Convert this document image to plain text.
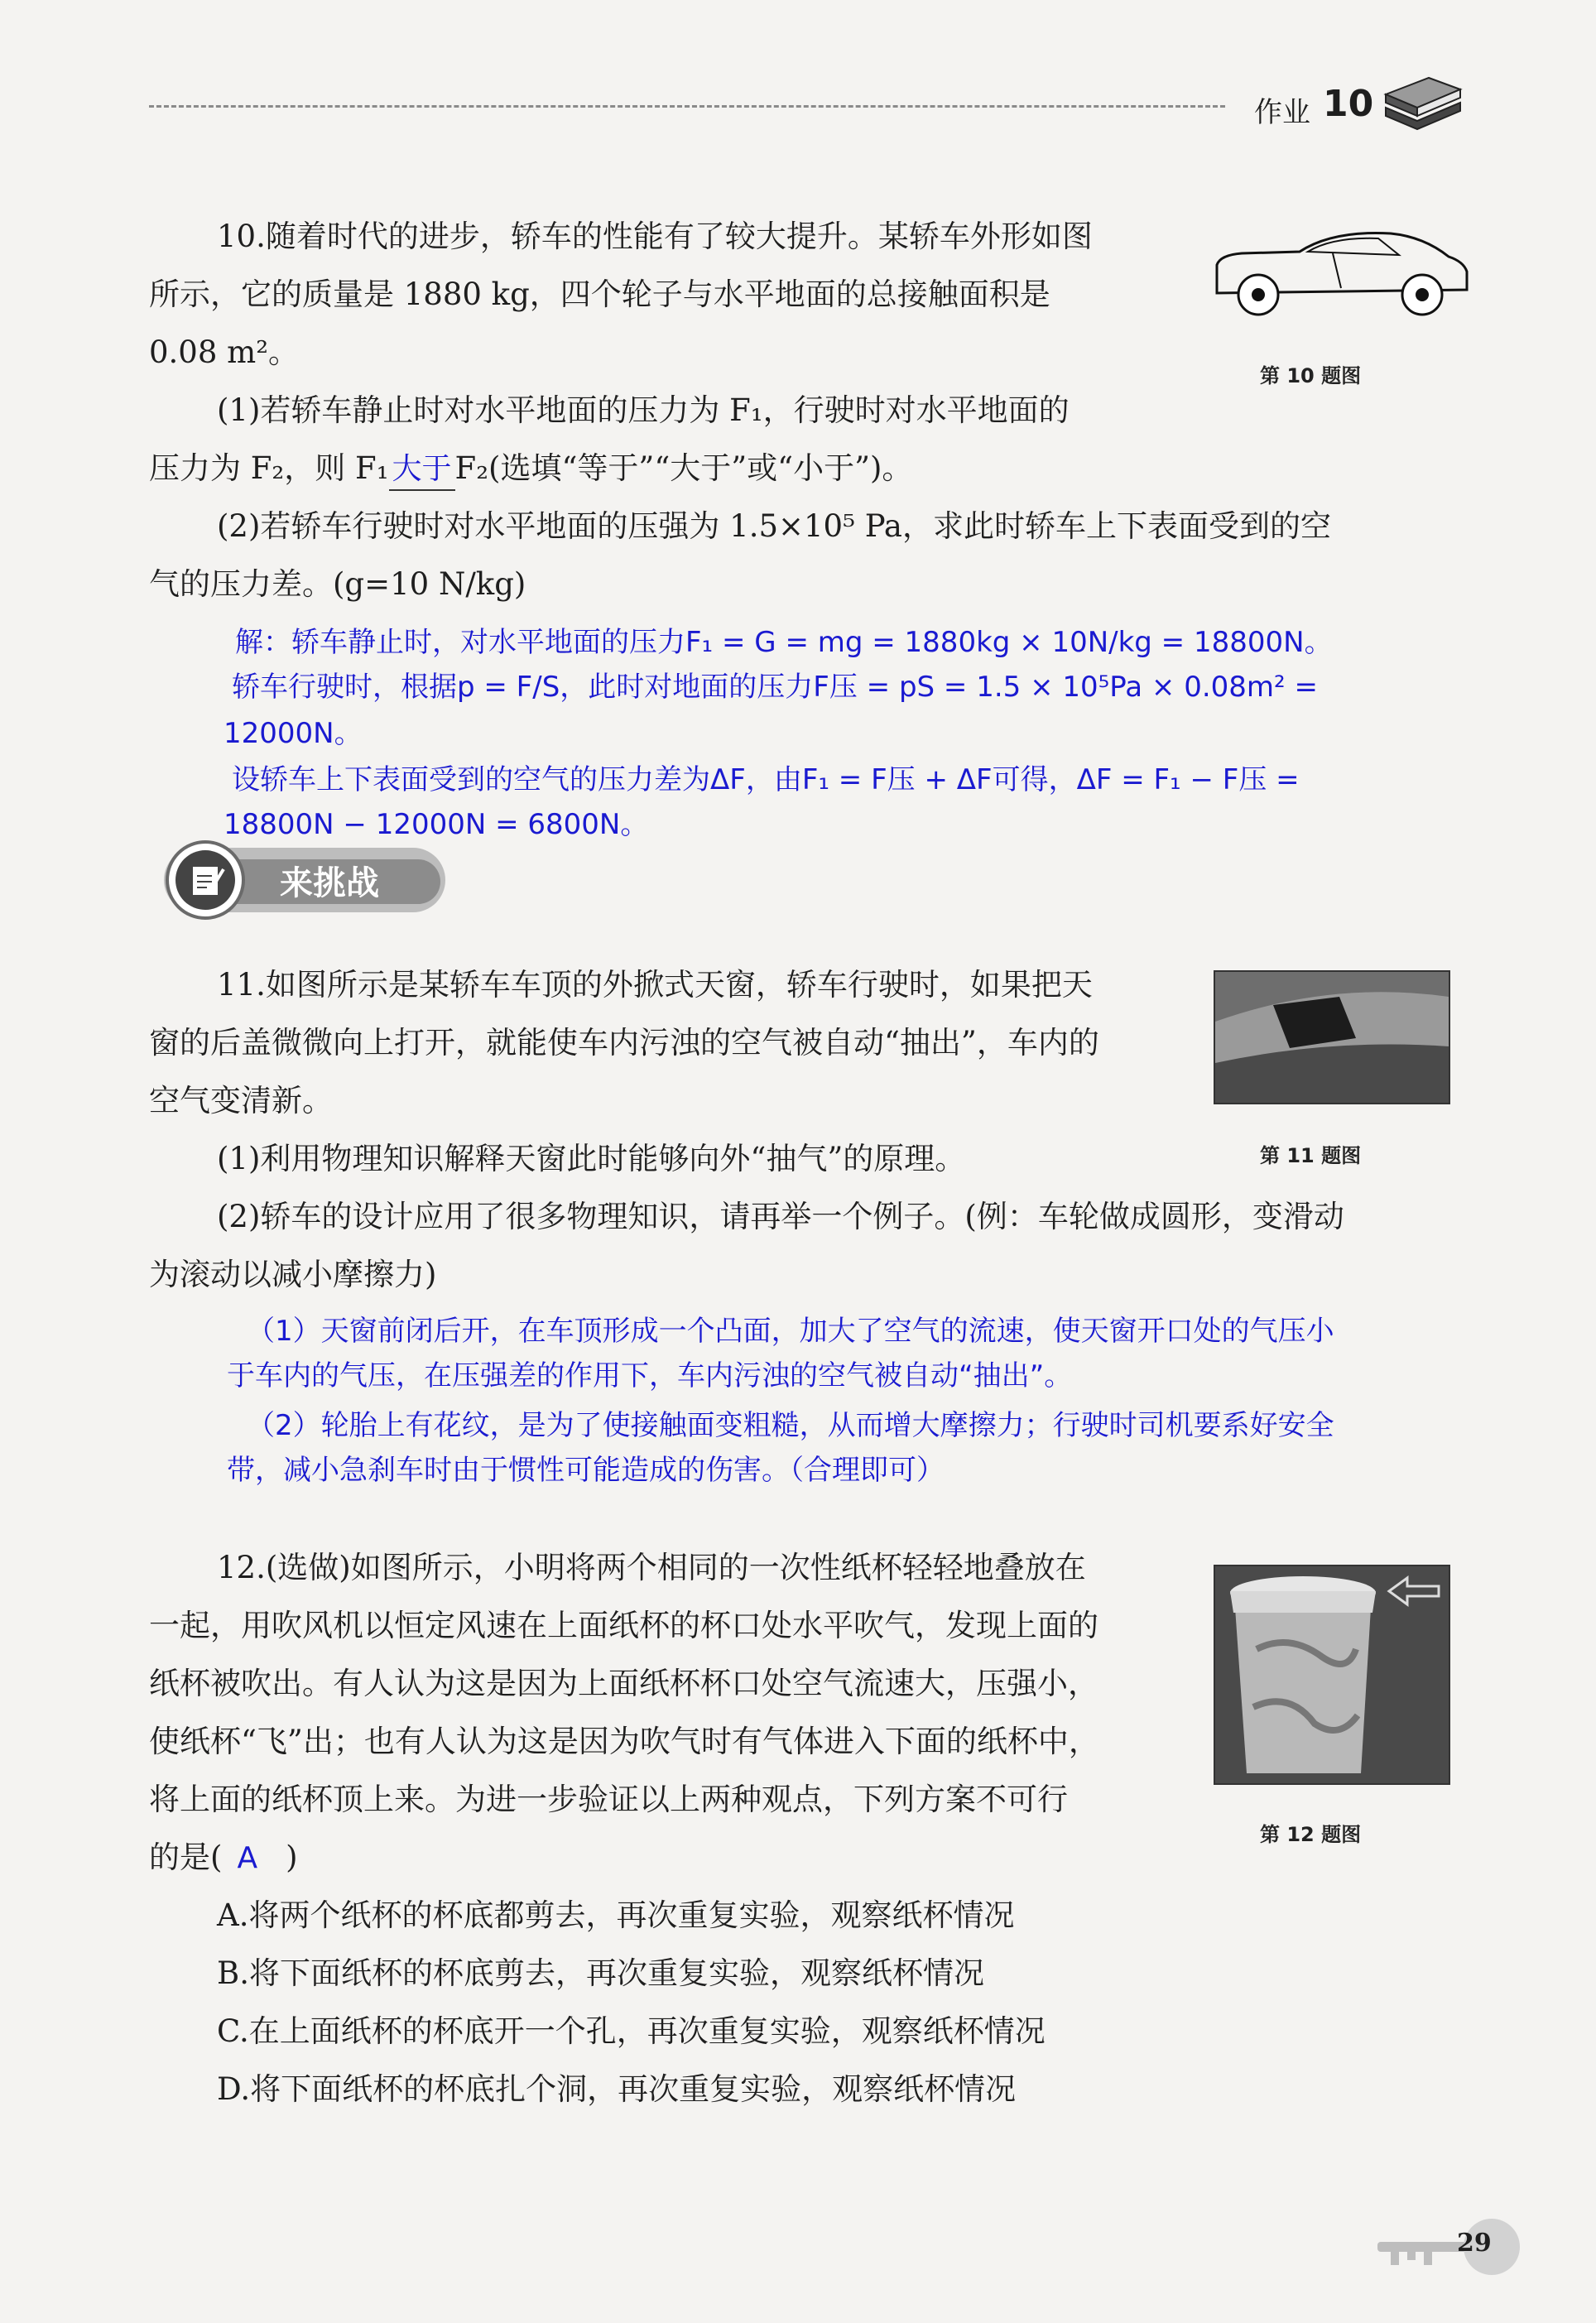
作业 10
10.随着时代的进步，轿车的性能有了较大提升。某轿车外形如图
所示，它的质量是 1880 kg，四个轮子与水平地面的总接触面积是
0.08 m²。
(1)若轿车静止时对水平地面的压力为 F₁，行驶时对水平地面的
压力为 F₂，则 F₁ 大于 F₂(选填“等于”“大于”或“小于”)。
(2)若轿车行驶时对水平地面的压强为 1.5×10⁵ Pa，求此时轿车上下表面受到的空
气的压力差。(g=10 N/kg)
第 10 题图
解：轿车静止时，对水平地面的压力F₁ = G = mg = 1880kg × 10N/kg = 18800N。
轿车行驶时，根据p = F/S，此时对地面的压力F压 = pS = 1.5 × 10⁵Pa × 0.08m² =
12000N。
设轿车上下表面受到的空气的压力差为ΔF，由F₁ = F压 + ΔF可得，ΔF = F₁ − F压 =
18800N − 12000N = 6800N。
来挑战
11.如图所示是某轿车车顶的外掀式天窗，轿车行驶时，如果把天
窗的后盖微微向上打开，就能使车内污浊的空气被自动“抽出”，车内的
空气变清新。
(1)利用物理知识解释天窗此时能够向外“抽气”的原理。
(2)轿车的设计应用了很多物理知识，请再举一个例子。(例：车轮做成圆形，变滑动
为滚动以减小摩擦力)
第 11 题图
（1）天窗前闭后开，在车顶形成一个凸面，加大了空气的流速，使天窗开口处的气压小
于车内的气压，在压强差的作用下，车内污浊的空气被自动“抽出”。
（2）轮胎上有花纹，是为了使接触面变粗糙，从而增大摩擦力；行驶时司机要系好安全
带，减小急刹车时由于惯性可能造成的伤害。（合理即可）
12.(选做)如图所示，小明将两个相同的一次性纸杯轻轻地叠放在
一起，用吹风机以恒定风速在上面纸杯的杯口处水平吹气，发现上面的
纸杯被吹出。有人认为这是因为上面纸杯杯口处空气流速大，压强小，
使纸杯“飞”出；也有人认为这是因为吹气时有气体进入下面的纸杯中，
将上面的纸杯顶上来。为进一步验证以上两种观点，下列方案不可行
的是( A )
第 12 题图
A.将两个纸杯的杯底都剪去，再次重复实验，观察纸杯情况
B.将下面纸杯的杯底剪去，再次重复实验，观察纸杯情况
C.在上面纸杯的杯底开一个孔，再次重复实验，观察纸杯情况
D.将下面纸杯的杯底扎个洞，再次重复实验，观察纸杯情况
29
